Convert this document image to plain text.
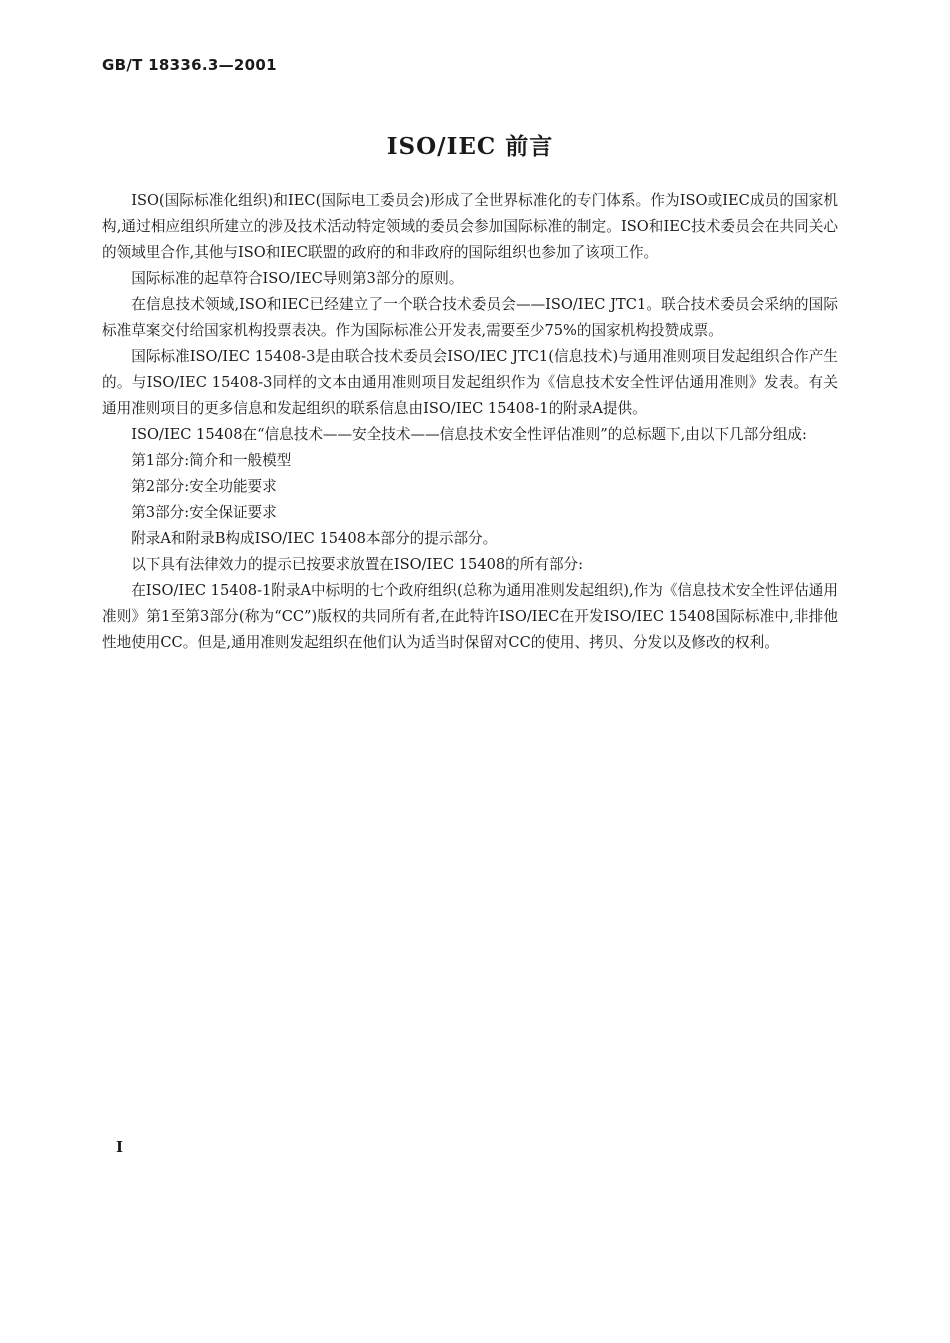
GB/T 18336.3—2001
ISO/IEC 前言

ISO(国际标准化组织)和IEC(国际电工委员会)形成了全世界标准化的专门体系。作为ISO或IEC成员的国家机构,通过相应组织所建立的涉及技术活动特定领域的委员会参加国际标准的制定。ISO和IEC技术委员会在共同关心的领域里合作,其他与ISO和IEC联盟的政府的和非政府的国际组织也参加了该项工作。

国际标准的起草符合ISO/IEC导则第3部分的原则。

在信息技术领域,ISO和IEC已经建立了一个联合技术委员会——ISO/IEC JTC1。联合技术委员会采纳的国际标准草案交付给国家机构投票表决。作为国际标准公开发表,需要至少75%的国家机构投赞成票。

国际标准ISO/IEC 15408-3是由联合技术委员会ISO/IEC JTC1(信息技术)与通用准则项目发起组织合作产生的。与ISO/IEC 15408-3同样的文本由通用准则项目发起组织作为《信息技术安全性评估通用准则》发表。有关通用准则项目的更多信息和发起组织的联系信息由ISO/IEC 15408-1的附录A提供。

ISO/IEC 15408在“信息技术——安全技术——信息技术安全性评估准则”的总标题下,由以下几部分组成:

第1部分:简介和一般模型

第2部分:安全功能要求

第3部分:安全保证要求

附录A和附录B构成ISO/IEC 15408本部分的提示部分。

以下具有法律效力的提示已按要求放置在ISO/IEC 15408的所有部分:

在ISO/IEC 15408-1附录A中标明的七个政府组织(总称为通用准则发起组织),作为《信息技术安全性评估通用准则》第1至第3部分(称为“CC”)版权的共同所有者,在此特许ISO/IEC在开发ISO/IEC 15408国际标准中,非排他性地使用CC。但是,通用准则发起组织在他们认为适当时保留对CC的使用、拷贝、分发以及修改的权利。

I
